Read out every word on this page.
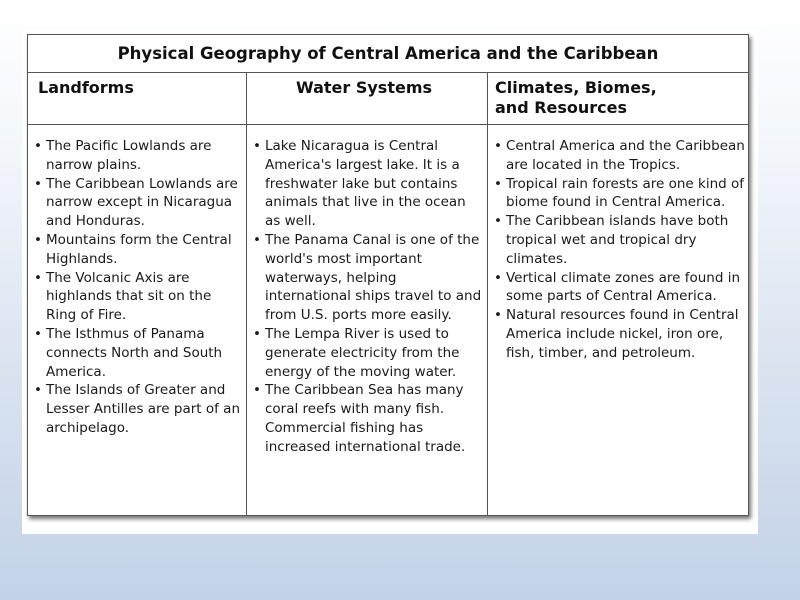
Physical Geography of Central America and the Caribbean
Landforms	Water Systems	Climates, Biomes,
and Resources
• The Pacific Lowlands are narrow plains.
• The Caribbean Lowlands are narrow except in Nicaragua and Honduras.
• Mountains form the Central Highlands.
• The Volcanic Axis are highlands that sit on the Ring of Fire.
• The Isthmus of Panama connects North and South America.
• The Islands of Greater and Lesser Antilles are part of an archipelago.
• Lake Nicaragua is Central America's largest lake. It is a freshwater lake but contains animals that live in the ocean as well.
• The Panama Canal is one of the world's most important waterways, helping international ships travel to and from U.S. ports more easily.
• The Lempa River is used to generate electricity from the energy of the moving water.
• The Caribbean Sea has many coral reefs with many fish. Commercial fishing has increased international trade.
• Central America and the Caribbean are located in the Tropics.
• Tropical rain forests are one kind of biome found in Central America.
• The Caribbean islands have both tropical wet and tropical dry climates.
• Vertical climate zones are found in some parts of Central America.
• Natural resources found in Central America include nickel, iron ore, fish, timber, and petroleum.
